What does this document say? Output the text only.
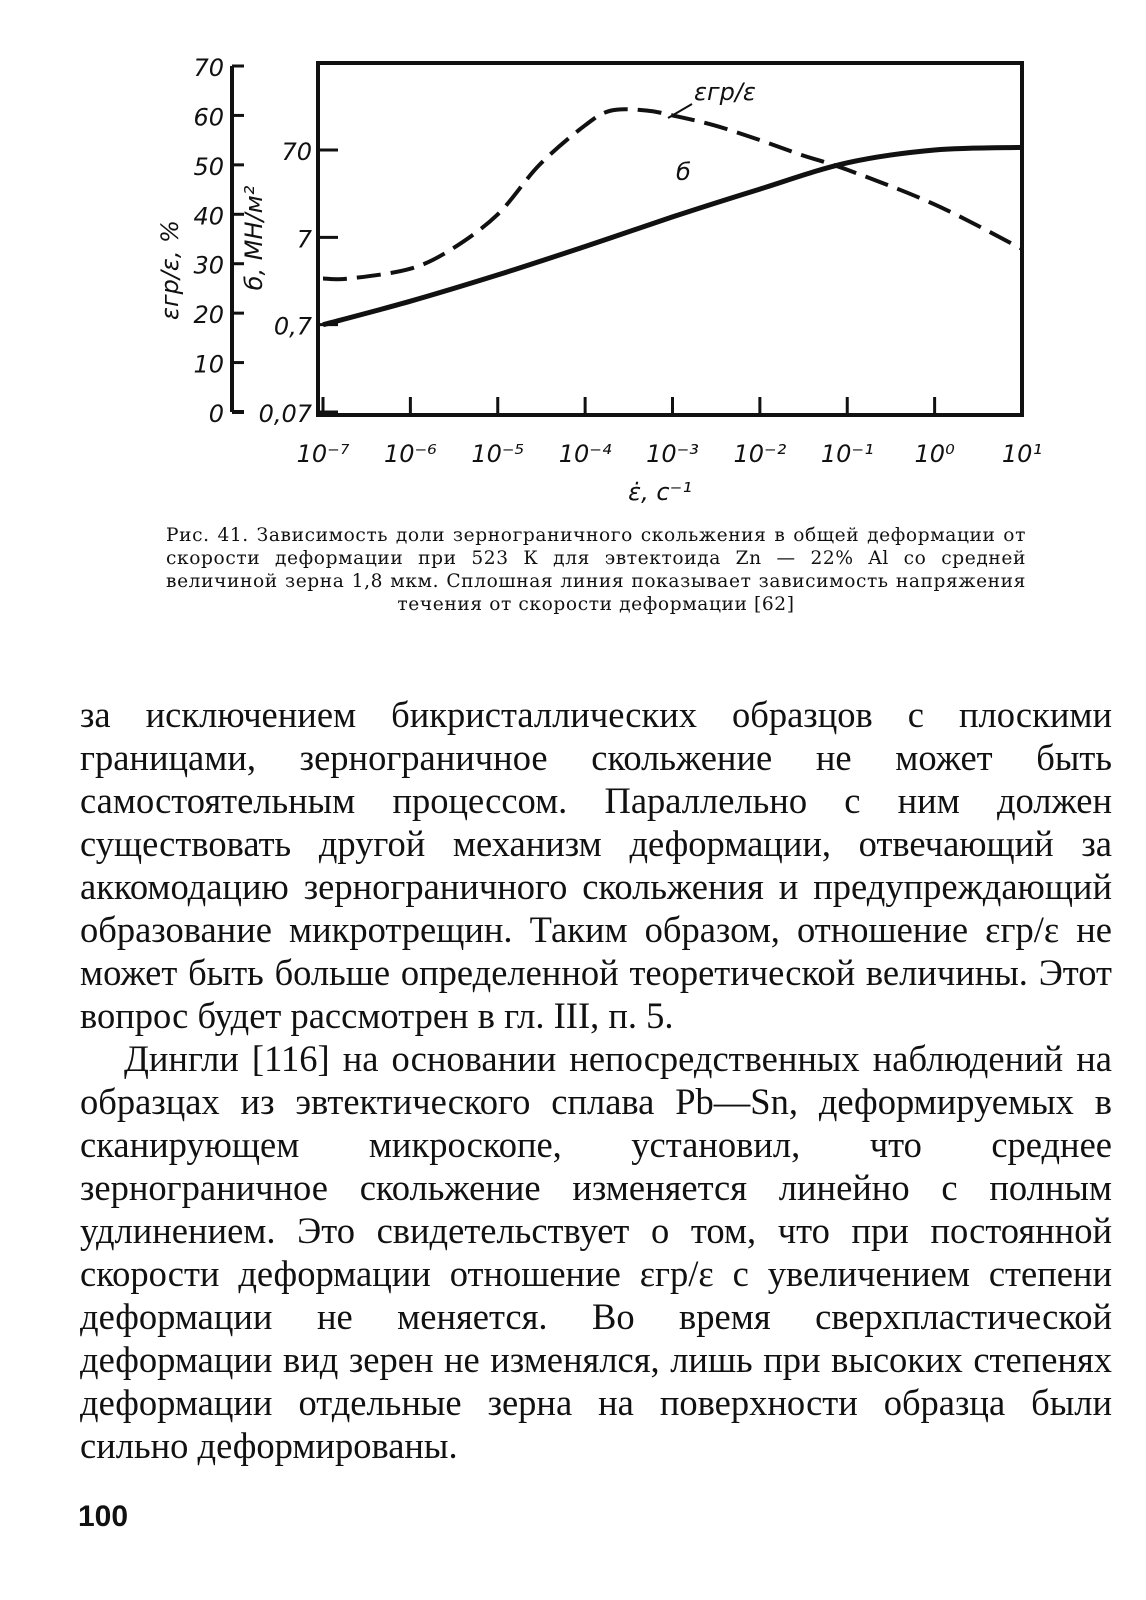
0
10
20
30
40
50
60
70
0,07
0,7
7
70
10⁻⁷ 10⁻⁶ 10⁻⁵ 10⁻⁴ 10⁻³ 10⁻² 10⁻¹ 10⁰ 10¹
εгр/ε, % б, МН/м²
ε̇, с⁻¹
εгр/ε
б
Рис. 41. Зависимость доли зернограничного скольжения в общей деформации от скорости деформации при 523 К для эвтектоида Zn — 22% Al со средней величиной зерна 1,8 мкм. Сплошная линия показывает зависимость напряжения течения от скорости деформации [62]

за исключением бикристаллических образцов с плоскими границами, зернограничное скольжение не может быть самостоятельным процессом. Параллельно с ним должен существовать другой механизм деформации, отвечающий за аккомодацию зернограничного скольжения и предупреждающий образование микротрещин. Таким образом, отношение εгр/ε не может быть больше определенной теоретической величины. Этот вопрос будет рассмотрен в гл. III, п. 5.

Дингли [116] на основании непосредственных наблюдений на образцах из эвтектического сплава Pb—Sn, деформируемых в сканирующем микроскопе, установил, что среднее зернограничное скольжение изменяется линейно с полным удлинением. Это свидетельствует о том, что при постоянной скорости деформации отношение εгр/ε с увеличением степени деформации не меняется. Во время сверхпластической деформации вид зерен не изменялся, лишь при высоких степенях деформации отдельные зерна на поверхности образца были сильно деформированы.

100
